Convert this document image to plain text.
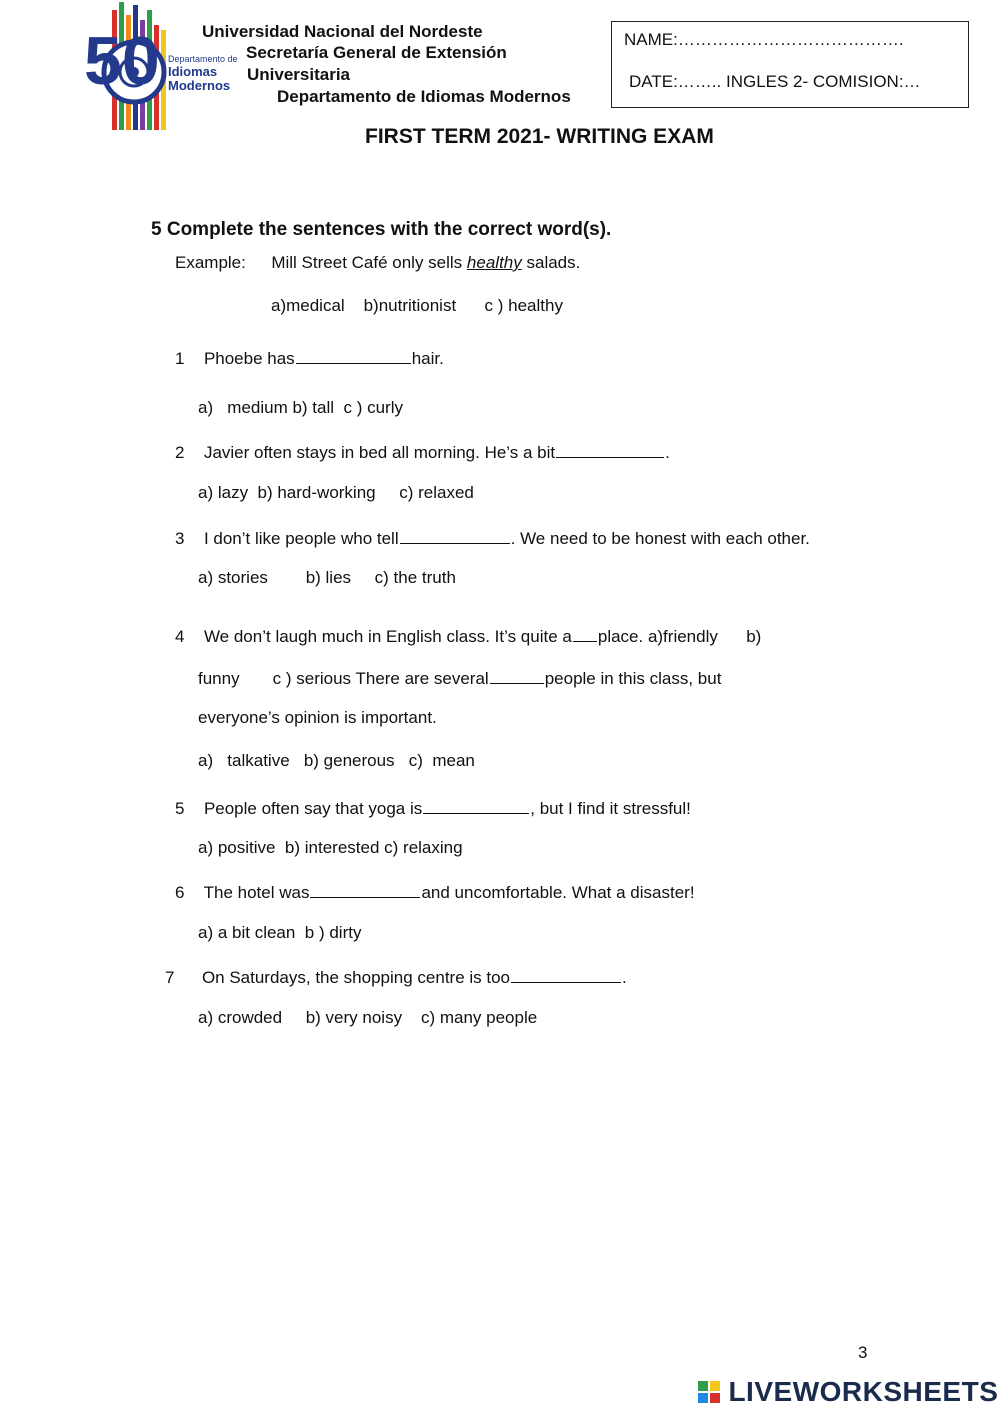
50 Departamento de
Idiomas
Modernos
Universidad Nacional del Nordeste
Secretaría General de Extensión
Universitaria
Departamento de Idiomas Modernos
NAME:………………………………….
DATE:…….. INGLES 2- COMISION:…
FIRST TERM 2021- WRITING EXAM
5 Complete the sentences with the correct word(s).
Example: Mill Street Café only sells healthy salads.
a)medical    b)nutritionist      c ) healthy
1 Phoebe has	hair.
a)   medium b) tall  c ) curly
2 Javier often stays in bed all morning. He’s a bit	.
a) lazy  b) hard-working     c) relaxed
3 I don’t like people who tell	. We need to be honest with each other.
a) stories        b) lies     c) the truth
4 We don’t laugh much in English class. It’s quite a place. a)friendly      b)
funny       c ) serious There are several	people in this class, but
everyone’s opinion is important.
a)   talkative   b) generous   c)  mean
5 People often say that yoga is	, but I find it stressful!
a) positive  b) interested c) relaxing
6 The hotel was	and uncomfortable. What a disaster!
a) a bit clean  b ) dirty
7 On Saturdays, the shopping centre is too	.
a) crowded     b) very noisy    c) many people
3
LIVEWORKSHEETS
